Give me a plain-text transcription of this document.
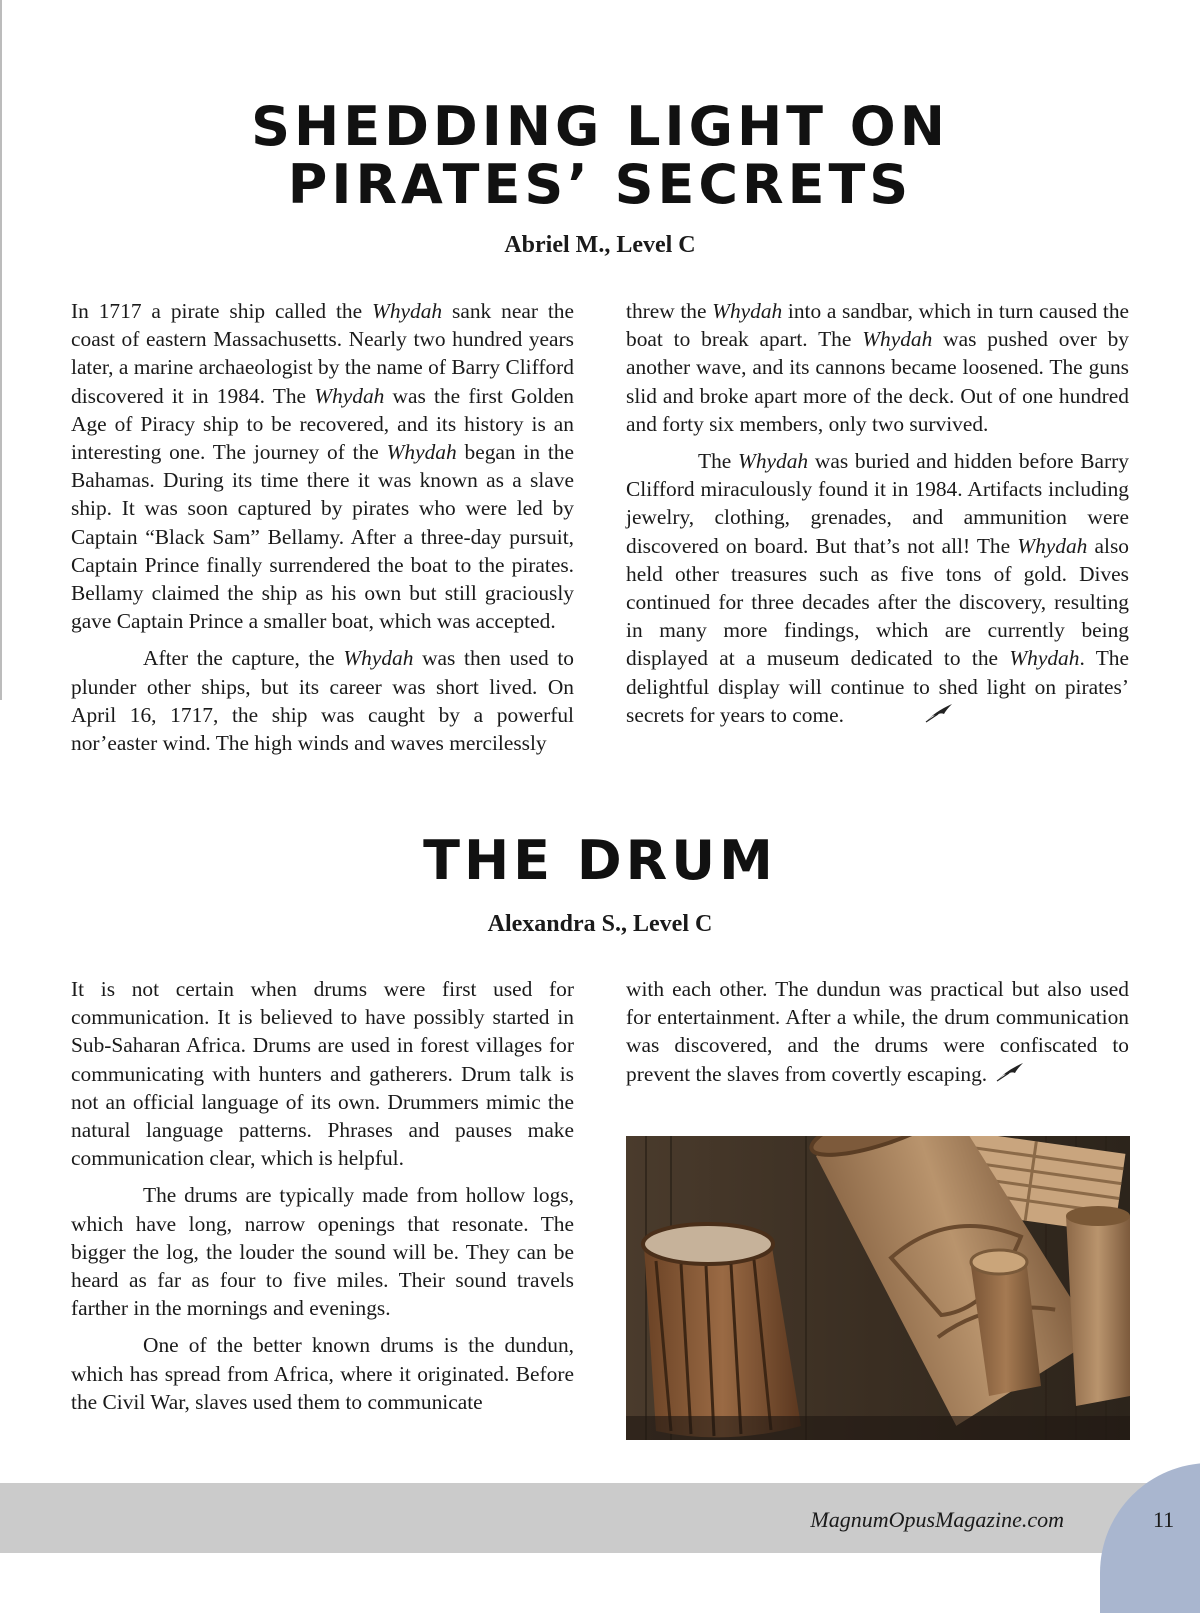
SHEDDING LIGHT ON
PIRATES’ SECRETS
Abriel M., Level C

In 1717 a pirate ship called the Whydah sank near the coast of eastern Massachusetts. Nearly two hundred years later, a marine archaeologist by the name of Barry Clifford discovered it in 1984. The Whydah was the first Golden Age of Piracy ship to be recovered, and its history is an interesting one. The journey of the Whydah began in the Bahamas. During its time there it was known as a slave ship. It was soon captured by pirates who were led by Captain “Black Sam” Bellamy. After a three-day pursuit, Captain Prince finally surrendered the boat to the pirates. Bellamy claimed the ship as his own but still graciously gave Captain Prince a smaller boat, which was accepted.

After the capture, the Whydah was then used to plunder other ships, but its career was short lived. On April 16, 1717, the ship was caught by a powerful nor’easter wind. The high winds and waves mercilessly

threw the Whydah into a sandbar, which in turn caused the boat to break apart. The Whydah was pushed over by another wave, and its cannons became loosened. The guns slid and broke apart more of the deck. Out of one hundred and forty six members, only two survived.

The Whydah was buried and hidden before Barry Clifford miraculously found it in 1984. Artifacts including jewelry, clothing, grenades, and ammunition were discovered on board. But that’s not all! The Whydah also held other treasures such as five tons of gold. Dives continued for three decades after the discovery, resulting in many more findings, which are currently being displayed at a museum dedicated to the Whydah. The delightful display will continue to shed light on pirates’ secrets for years to come.

THE DRUM
Alexandra S., Level C

It is not certain when drums were first used for communication. It is believed to have possibly started in Sub-Saharan Africa. Drums are used in forest villages for communicating with hunters and gatherers. Drum talk is not an official language of its own. Drummers mimic the natural language patterns. Phrases and pauses make communication clear, which is helpful.

The drums are typically made from hollow logs, which have long, narrow openings that resonate. The bigger the log, the louder the sound will be. They can be heard as far as four to five miles. Their sound travels farther in the mornings and evenings.

One of the better known drums is the dundun, which has spread from Africa, where it originated. Before the Civil War, slaves used them to communicate

with each other. The dundun was practical but also used for entertainment. After a while, the drum communication was discovered, and the drums were confiscated to prevent the slaves from covertly escaping.

MagnumOpusMagazine.com	11
